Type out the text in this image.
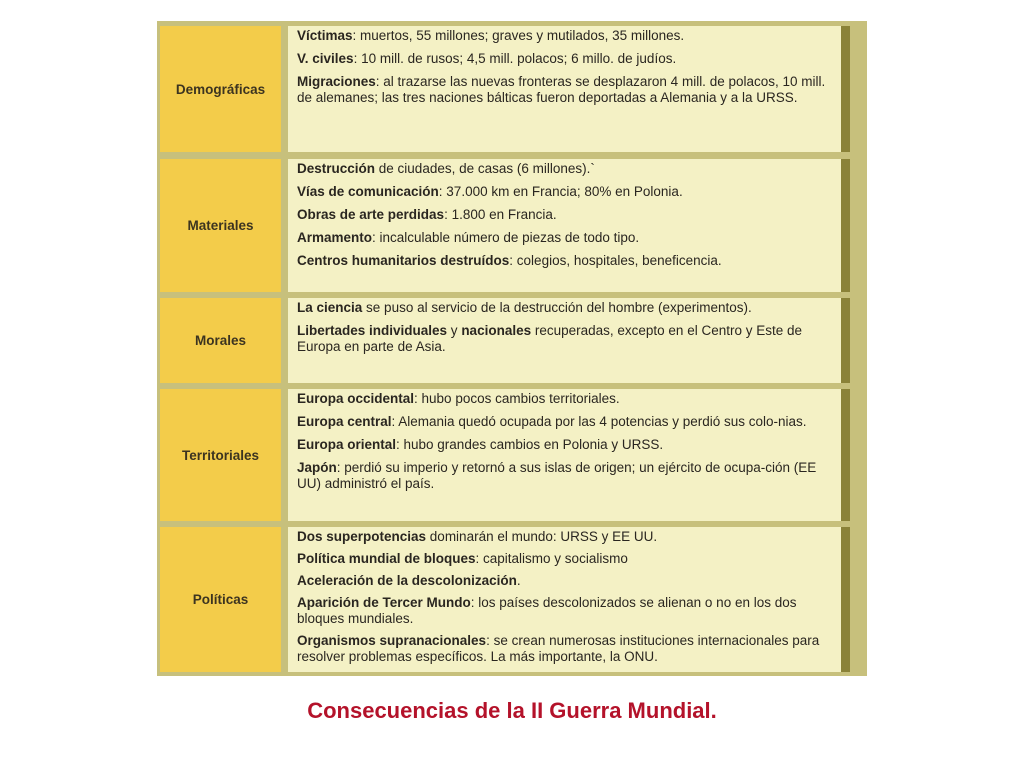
Demográficas
Víctimas: muertos, 55 millones; graves y mutilados, 35 millones.
V. civiles: 10 mill. de rusos; 4,5 mill. polacos; 6 millo. de judíos.
Migraciones: al trazarse las nuevas fronteras se desplazaron 4 mill. de polacos, 10 mill. de alemanes; las tres naciones bálticas fueron deportadas a Alemania y a la URSS.
Materiales
Destrucción de ciudades, de casas (6 millones).`
Vías de comunicación: 37.000 km en Francia; 80% en Polonia.
Obras de arte perdidas: 1.800 en Francia.
Armamento: incalculable número de piezas de todo tipo.
Centros humanitarios destruídos: colegios, hospitales, beneficencia.
Morales
La ciencia se puso al servicio de la destrucción del hombre (experimentos).
Libertades individuales y nacionales recuperadas, excepto en el Centro y Este de Europa en parte de Asia.
Territoriales
Europa occidental: hubo pocos cambios territoriales.
Europa central: Alemania quedó ocupada por las 4 potencias y perdió sus colo-nias.
Europa oriental: hubo grandes cambios en Polonia y URSS.
Japón: perdió su imperio y retornó a sus islas de origen; un ejército de ocupa-ción (EE UU) administró el país.
Políticas
Dos superpotencias dominarán el mundo: URSS y EE UU.
Política mundial de bloques: capitalismo y socialismo
Aceleración de la descolonización.
Aparición de Tercer Mundo: los países descolonizados se alienan o no en los dos bloques mundiales.
Organismos supranacionales: se crean numerosas instituciones internacionales para resolver problemas específicos. La más importante, la ONU.
Consecuencias de la II Guerra Mundial.
